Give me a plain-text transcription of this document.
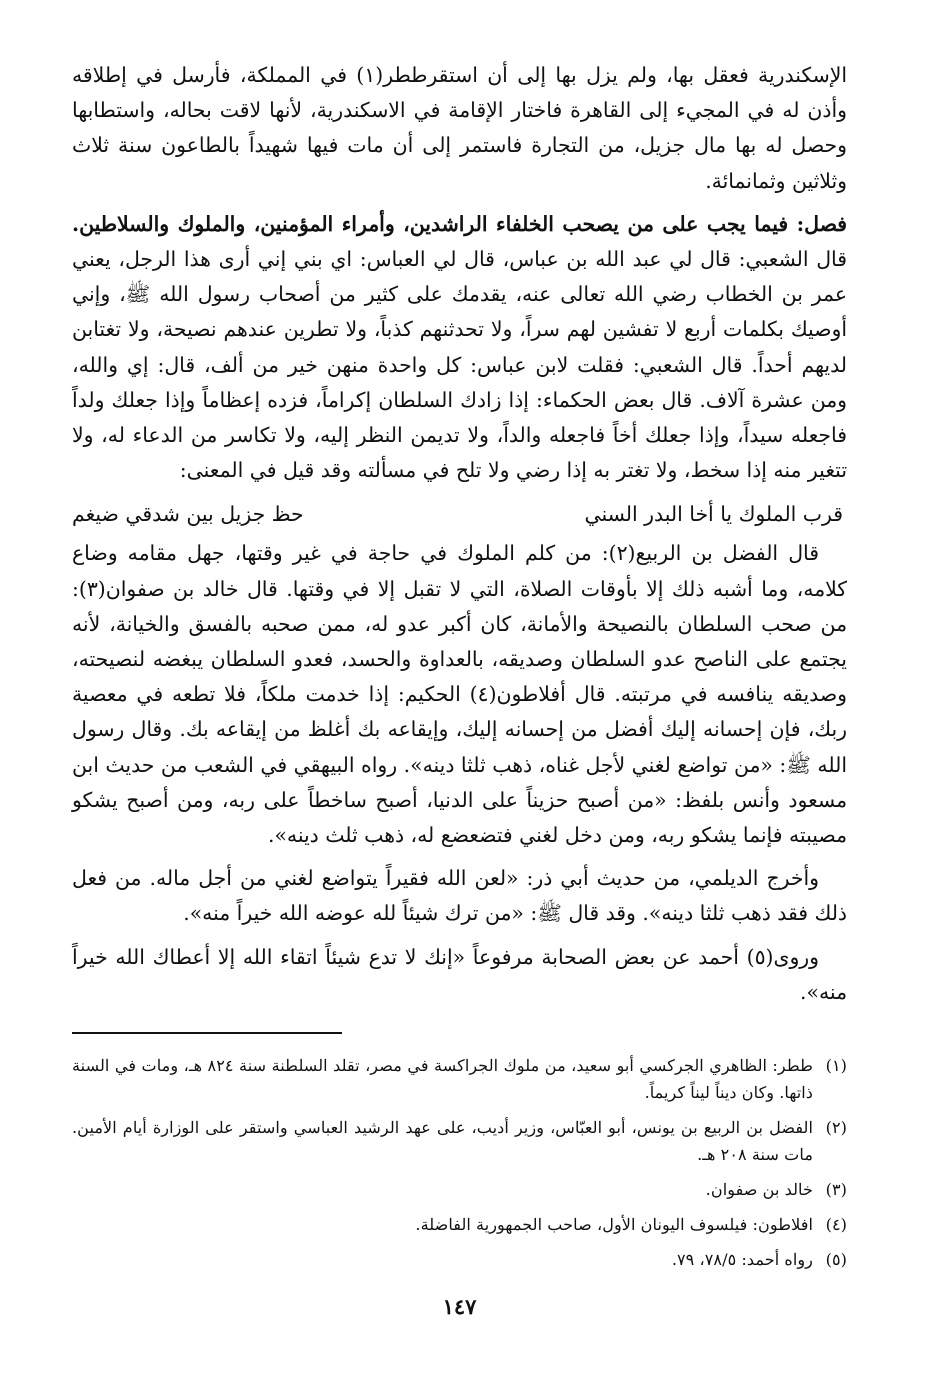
الإسكندرية فعقل بها، ولم يزل بها إلى أن استقرططر(١) في المملكة، فأرسل في إطلاقه وأذن له في المجيء إلى القاهرة فاختار الإقامة في الاسكندرية، لأنها لاقت بحاله، واستطابها وحصل له بها مال جزيل، من التجارة فاستمر إلى أن مات فيها شهيداً بالطاعون سنة ثلاث وثلاثين وثمانمائة.

فصل: فيما يجب على من يصحب الخلفاء الراشدين، وأمراء المؤمنين، والملوك والسلاطين. قال الشعبي: قال لي عبد الله بن عباس، قال لي العباس: اي بني إني أرى هذا الرجل، يعني عمر بن الخطاب رضي الله تعالى عنه، يقدمك على كثير من أصحاب رسول الله ﷺ، وإني أوصيك بكلمات أربع لا تفشين لهم سراً، ولا تحدثنهم كذباً، ولا تطرين عندهم نصيحة، ولا تغتابن لديهم أحداً. قال الشعبي: فقلت لابن عباس: كل واحدة منهن خير من ألف، قال: إي والله، ومن عشرة آلاف. قال بعض الحكماء: إذا زادك السلطان إكراماً، فزده إعظاماً وإذا جعلك ولداً فاجعله سيداً، وإذا جعلك أخاً فاجعله والداً، ولا تديمن النظر إليه، ولا تكاسر من الدعاء له، ولا تتغير منه إذا سخط، ولا تغتر به إذا رضي ولا تلح في مسألته وقد قيل في المعنى:

قرب الملوك يا أخا البدر السني
حظ جزيل بين شدقي ضيغم

قال الفضل بن الربيع(٢): من كلم الملوك في حاجة في غير وقتها، جهل مقامه وضاع كلامه، وما أشبه ذلك إلا بأوقات الصلاة، التي لا تقبل إلا في وقتها. قال خالد بن صفوان(٣): من صحب السلطان بالنصيحة والأمانة، كان أكبر عدو له، ممن صحبه بالفسق والخيانة، لأنه يجتمع على الناصح عدو السلطان وصديقه، بالعداوة والحسد، فعدو السلطان يبغضه لنصيحته، وصديقه ينافسه في مرتبته. قال أفلاطون(٤) الحكيم: إذا خدمت ملكاً، فلا تطعه في معصية ربك، فإن إحسانه إليك أفضل من إحسانه إليك، وإيقاعه بك أغلظ من إيقاعه بك. وقال رسول الله ﷺ: «من تواضع لغني لأجل غناه، ذهب ثلثا دينه». رواه البيهقي في الشعب من حديث ابن مسعود وأنس بلفظ: «من أصبح حزيناً على الدنيا، أصبح ساخطاً على ربه، ومن أصبح يشكو مصيبته فإنما يشكو ربه، ومن دخل لغني فتضعضع له، ذهب ثلث دينه».

وأخرج الديلمي، من حديث أبي ذر: «لعن الله فقيراً يتواضع لغني من أجل ماله. من فعل ذلك فقد ذهب ثلثا دينه». وقد قال ﷺ: «من ترك شيئاً لله عوضه الله خيراً منه».

وروى(٥) أحمد عن بعض الصحابة مرفوعاً «إنك لا تدع شيئاً اتقاء الله إلا أعطاك الله خيراً منه».

(١)
ططر: الظاهري الجركسي أبو سعيد، من ملوك الجراكسة في مصر، تقلد السلطنة سنة ٨٢٤ هـ، ومات في السنة ذاتها. وكان ديناً ليناً كريماً.
(٢)
الفضل بن الربيع بن يونس، أبو العبّاس، وزير أديب، على عهد الرشيد العباسي واستقر على الوزارة أيام الأمين. مات سنة ٢٠٨ هـ.
(٣)
خالد بن صفوان.
(٤)
افلاطون: فيلسوف اليونان الأول، صاحب الجمهورية الفاضلة.
(٥)
رواه أحمد: ٧٨/٥، ٧٩.
١٤٧
